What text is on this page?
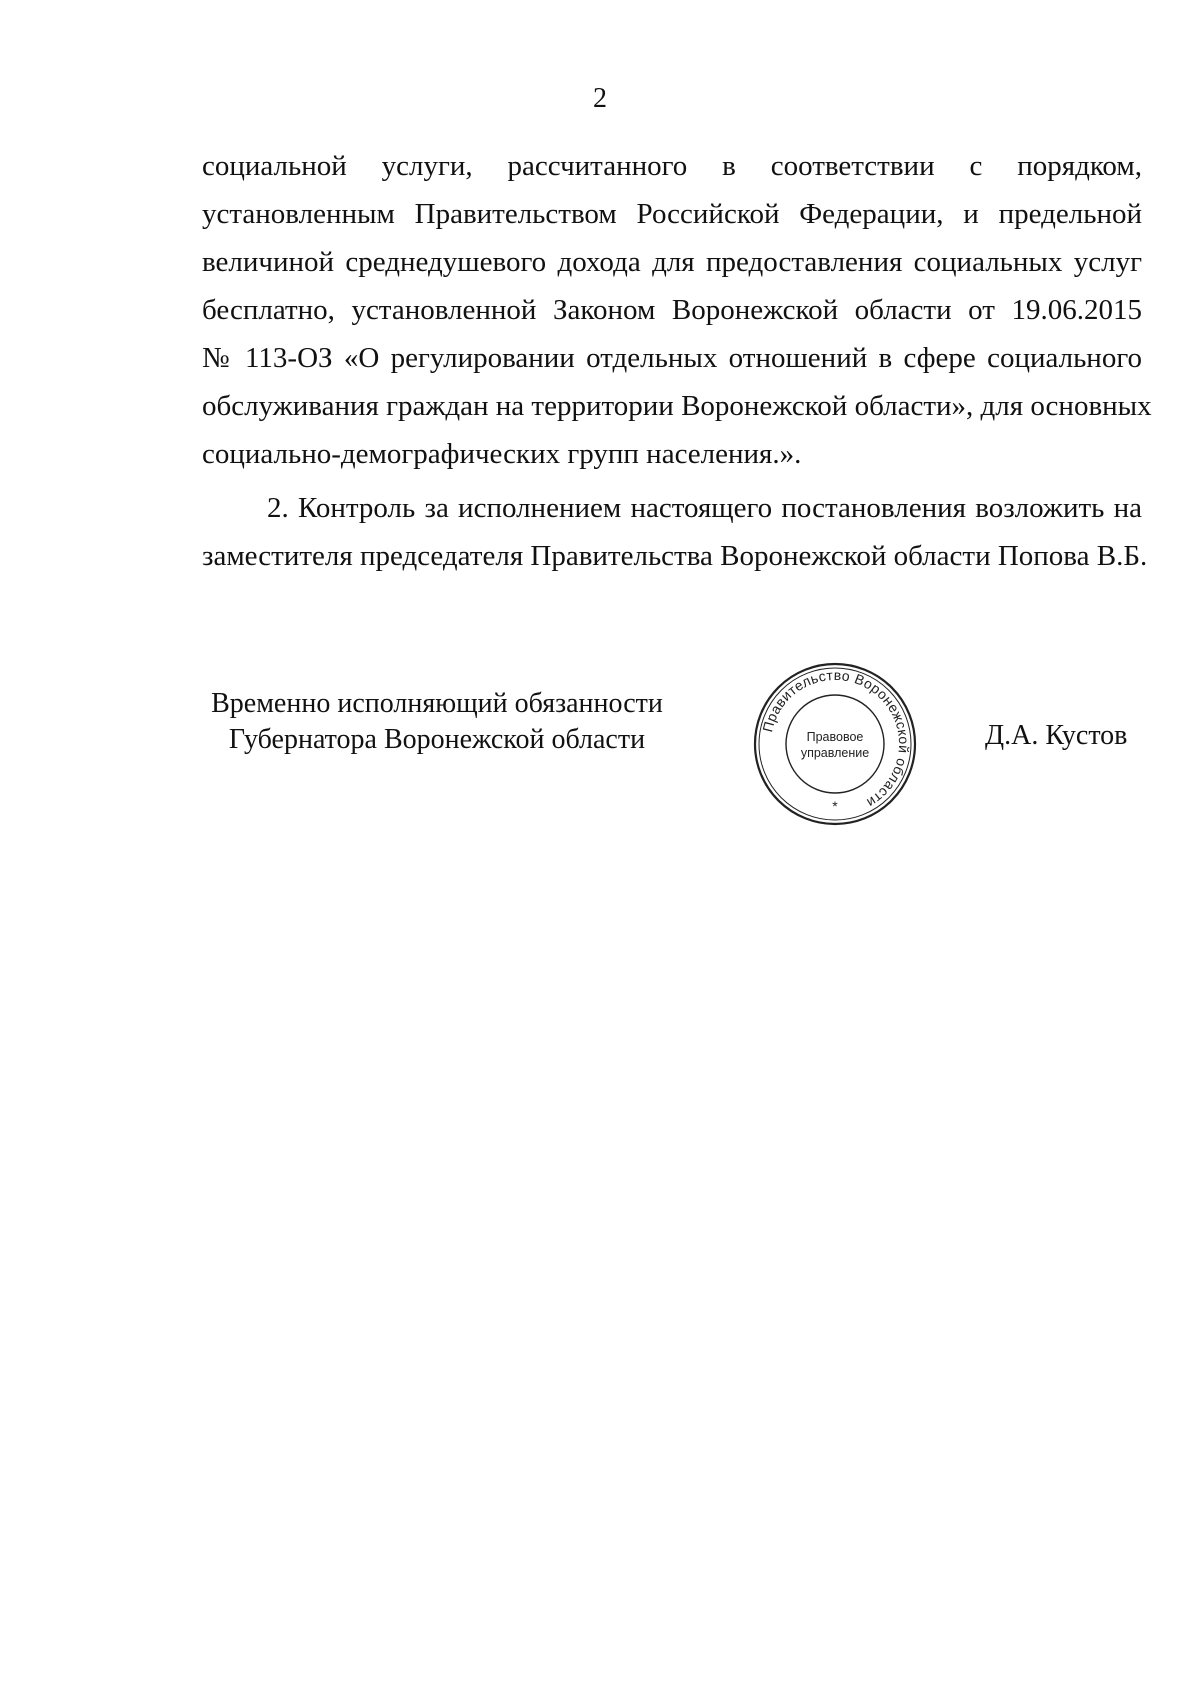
2
социальной услуги, рассчитанного в соответствии с порядком,
установленным Правительством Российской Федерации, и предельной
величиной среднедушевого дохода для предоставления социальных услуг
бесплатно, установленной Законом Воронежской области от 19.06.2015
№ 113-ОЗ «О регулировании отдельных отношений в сфере социального
обслуживания граждан на территории Воронежской области», для основных
социально-демографических групп населения.».
2. Контроль за исполнением настоящего постановления возложить на
заместителя председателя Правительства Воронежской области Попова В.Б.
Временно исполняющий обязанности
Губернатора Воронежской области	Правительство Воронежской области
Правовое
управление
*
Д.А. Кустов
